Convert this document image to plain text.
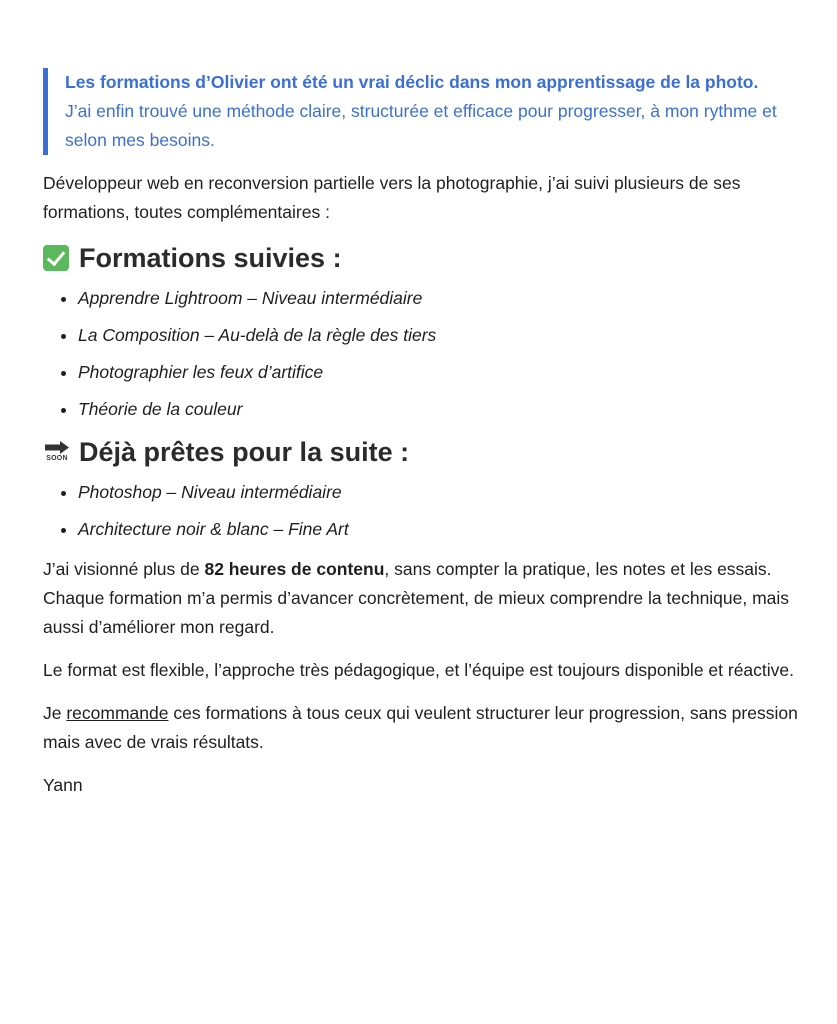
Les formations d’Olivier ont été un vrai déclic dans mon apprentissage de la photo.
J’ai enfin trouvé une méthode claire, structurée et efficace pour progresser, à mon rythme et selon mes besoins.

Développeur web en reconversion partielle vers la photographie, j’ai suivi plusieurs de ses formations, toutes complémentaires :

Formations suivies :
• Apprendre Lightroom – Niveau intermédiaire
• La Composition – Au-delà de la règle des tiers
• Photographier les feux d’artifice
• Théorie de la couleur
SOON Déjà prêtes pour la suite :
• Photoshop – Niveau intermédiaire
• Architecture noir & blanc – Fine Art

J’ai visionné plus de 82 heures de contenu, sans compter la pratique, les notes et les essais.
Chaque formation m’a permis d’avancer concrètement, de mieux comprendre la technique, mais aussi d’améliorer mon regard.

Le format est flexible, l’approche très pédagogique, et l’équipe est toujours disponible et réactive.

Je recommande ces formations à tous ceux qui veulent structurer leur progression, sans pression mais avec de vrais résultats.

Yann
